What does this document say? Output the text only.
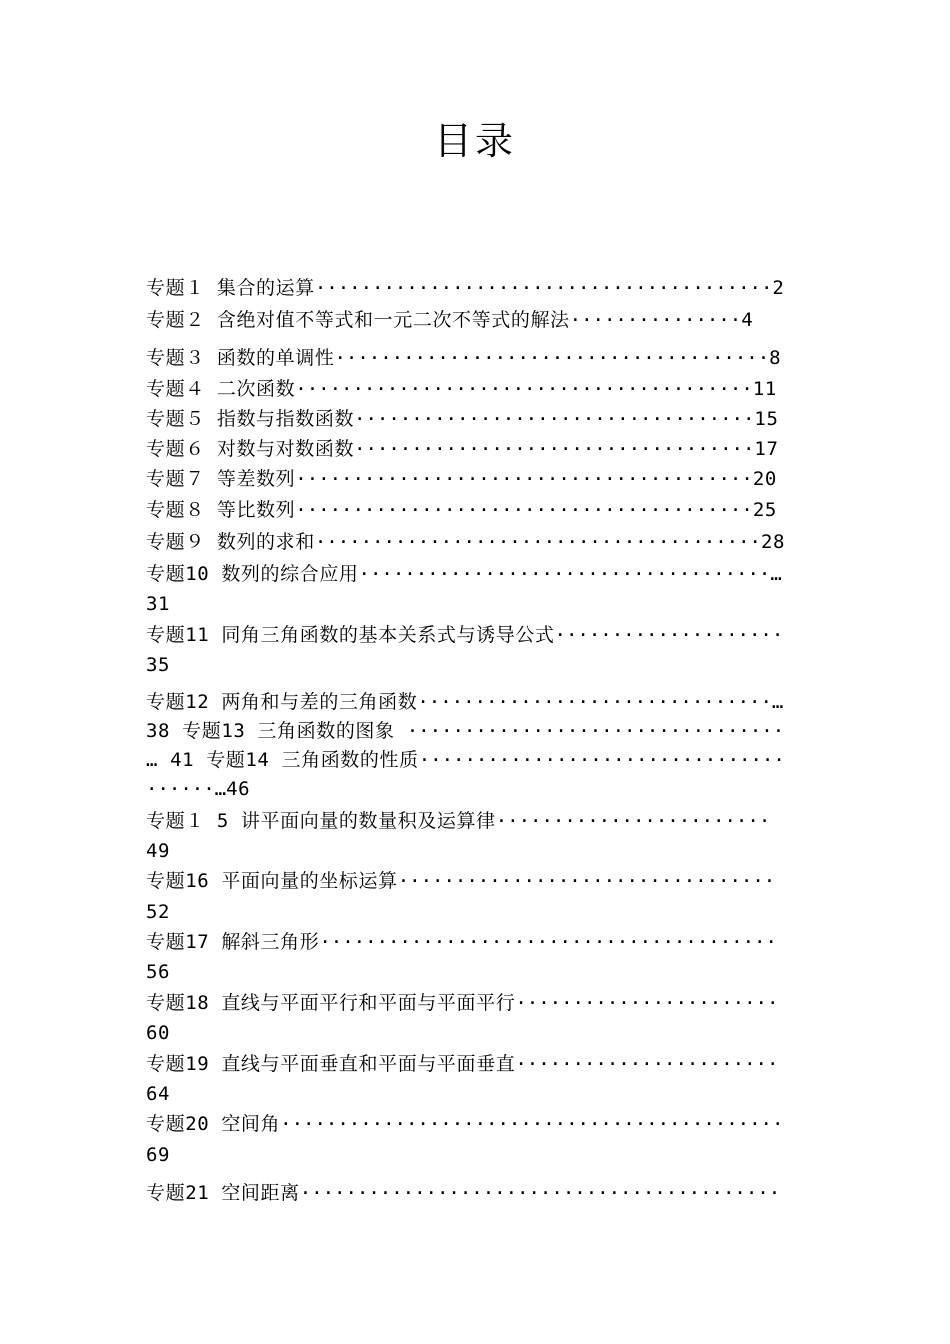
目录
专题１ 集合的运算········································2
专题２ 含绝对值不等式和一元二次不等式的解法···············4
专题３ 函数的单调性······································8
专题４ 二次函数········································11
专题５ 指数与指数函数···································15
专题６ 对数与对数函数···································17
专题７ 等差数列········································20
专题８ 等比数列········································25
专题９ 数列的求和·······································28
专题10 数列的综合应用····································…
31
专题11 同角三角函数的基本关系式与诱导公式····················
35
专题12 两角和与差的三角函数·······························…
38 专题13 三角函数的图象 ·································
… 41 专题14 三角函数的性质································
······…46
专题１ 5 讲平面向量的数量积及运算律························
49
专题16 平面向量的坐标运算·································
52
专题17 解斜三角形········································
56
专题18 直线与平面平行和平面与平面平行·······················
60
专题19 直线与平面垂直和平面与平面垂直·······················
64
专题20 空间角············································
69
专题21 空间距离··········································
